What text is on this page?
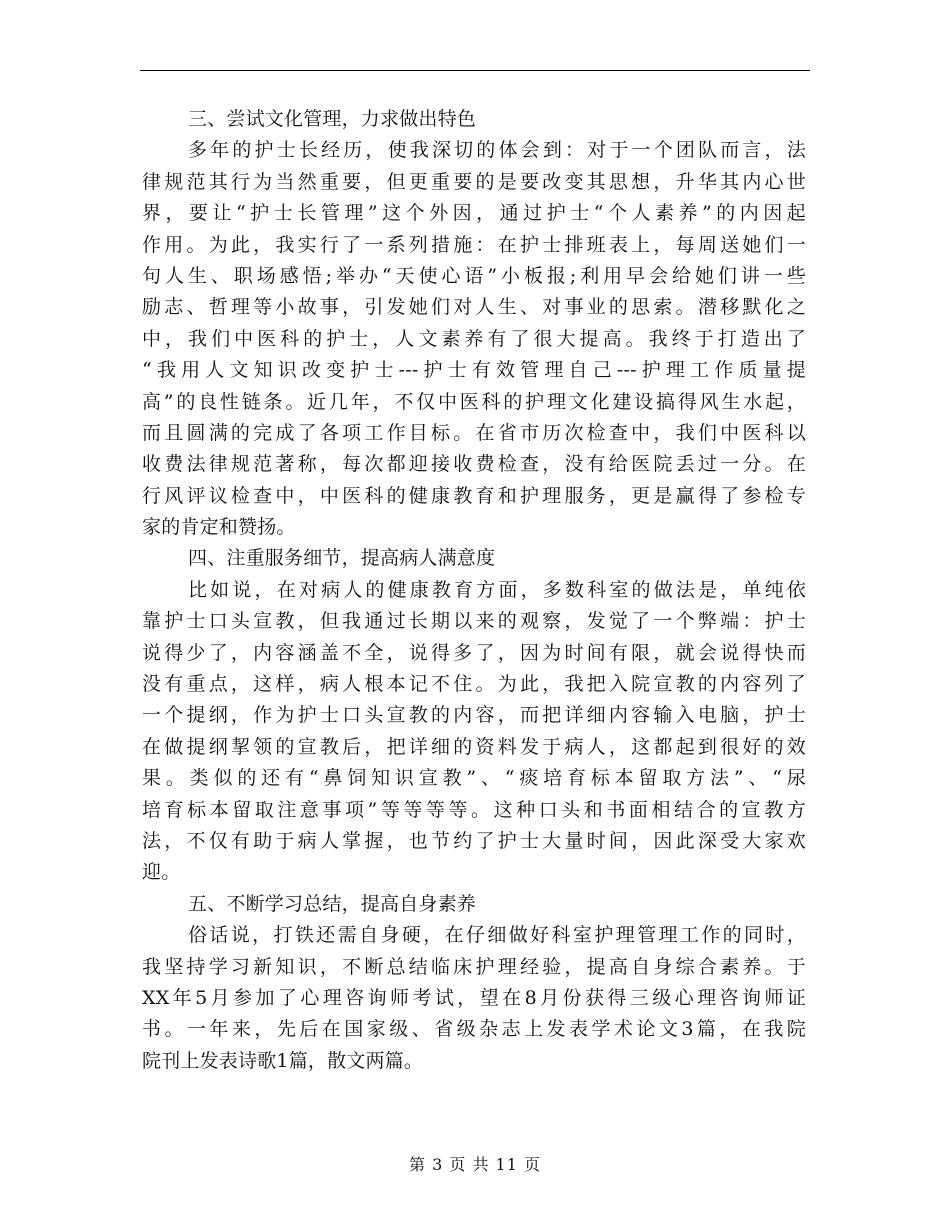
三、尝试文化管理，力求做出特色
多年的护士长经历，使我深切的体会到：对于一个团队而言，法
律规范其行为当然重要，但更重要的是要改变其思想，升华其内心世
界，要让“护士长管理”这个外因，通过护士“个人素养”的内因起
作用。为此，我实行了一系列措施：在护士排班表上，每周送她们一
句人生、职场感悟;举办“天使心语”小板报;利用早会给她们讲一些
励志、哲理等小故事，引发她们对人生、对事业的思索。潜移默化之
中，我们中医科的护士，人文素养有了很大提高。我终于打造出了
“我用人文知识改变护士---护士有效管理自己---护理工作质量提
高”的良性链条。近几年，不仅中医科的护理文化建设搞得风生水起，
而且圆满的完成了各项工作目标。在省市历次检查中，我们中医科以
收费法律规范著称，每次都迎接收费检查，没有给医院丢过一分。在
行风评议检查中，中医科的健康教育和护理服务，更是赢得了参检专
家的肯定和赞扬。
四、注重服务细节，提高病人满意度
比如说，在对病人的健康教育方面，多数科室的做法是，单纯依
靠护士口头宣教，但我通过长期以来的观察，发觉了一个弊端：护士
说得少了，内容涵盖不全，说得多了，因为时间有限，就会说得快而
没有重点，这样，病人根本记不住。为此，我把入院宣教的内容列了
一个提纲，作为护士口头宣教的内容，而把详细内容输入电脑，护士
在做提纲挈领的宣教后，把详细的资料发于病人，这都起到很好的效
果。类似的还有“鼻饲知识宣教”、“痰培育标本留取方法”、“尿
培育标本留取注意事项”等等等等。这种口头和书面相结合的宣教方
法，不仅有助于病人掌握，也节约了护士大量时间，因此深受大家欢
迎。
五、不断学习总结，提高自身素养
俗话说，打铁还需自身硬，在仔细做好科室护理管理工作的同时，
我坚持学习新知识，不断总结临床护理经验，提高自身综合素养。于
XX年5月参加了心理咨询师考试，望在8月份获得三级心理咨询师证
书。一年来，先后在国家级、省级杂志上发表学术论文3篇，在我院
院刊上发表诗歌1篇，散文两篇。
第 3 页 共 11 页
